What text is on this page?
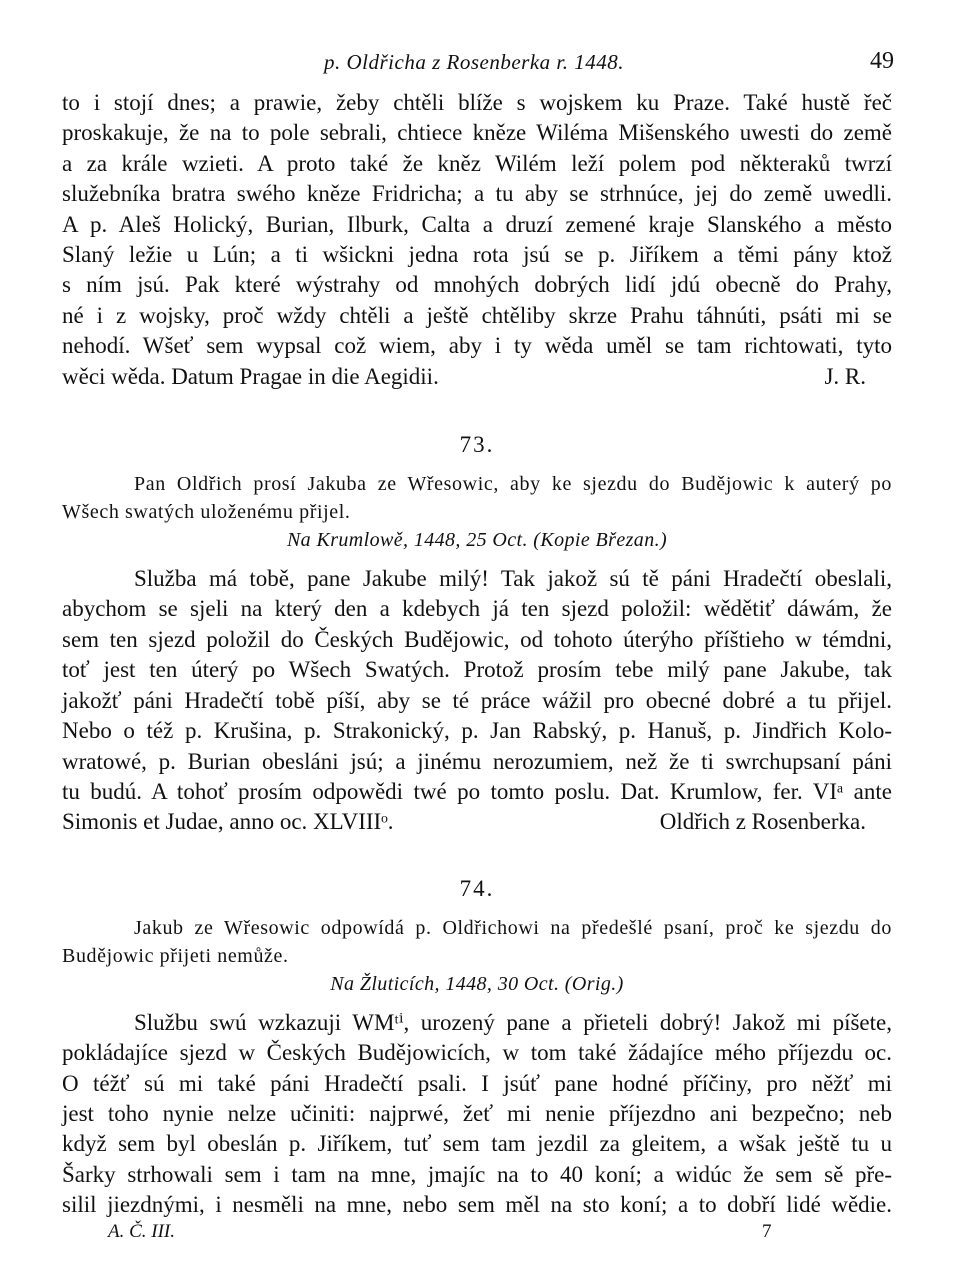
p. Oldřicha z Rosenberka r. 1448.	49
to i stojí dnes; a prawie, žeby chtěli blíže s wojskem ku Praze. Také hustě řeč
proskakuje, že na to pole sebrali, chtiece kněze Wiléma Mišenského uwesti do země
a za krále wzieti. A proto také že kněz Wilém leží polem pod některaků twrzí
služebníka bratra swého kněze Fridricha; a tu aby se strhnúce, jej do země uwedli.
A p. Aleš Holický, Burian, Ilburk, Calta a druzí zemené kraje Slanského a město
Slaný ležie u Lún; a ti wšickni jedna rota jsú se p. Jiříkem a těmi pány ktož
s ním jsú. Pak které wýstrahy od mnohých dobrých lidí jdú obecně do Prahy,
né i z wojsky, proč wždy chtěli a ještě chtěliby skrze Prahu táhnúti, psáti mi se
nehodí. Wšeť sem wypsal což wiem, aby i ty wěda uměl se tam richtowati, tyto
wěci wěda. Datum Pragae in die Aegidii.	J. R.
73.
Pan Oldřich prosí Jakuba ze Wřesowic, aby ke sjezdu do Budějowic k auterý po
Wšech swatých uloženému přijel.
Na Krumlowě, 1448, 25 Oct. (Kopie Březan.)
Služba má tobě, pane Jakube milý! Tak jakož sú tě páni Hradečtí obeslali,
abychom se sjeli na který den a kdebych já ten sjezd položil: wědětiť dáwám, že
sem ten sjezd položil do Českých Budějowic, od tohoto úterýho příštieho w témdni,
toť jest ten úterý po Wšech Swatých. Protož prosím tebe milý pane Jakube, tak
jakožť páni Hradečtí tobě píší, aby se té práce wážil pro obecné dobré a tu přijel.
Nebo o též p. Krušina, p. Strakonický, p. Jan Rabský, p. Hanuš, p. Jindřich Kolo-
wratowé, p. Burian obesláni jsú; a jinému nerozumiem, než že ti swrchupsaní páni
tu budú. A tohoť prosím odpowědi twé po tomto poslu. Dat. Krumlow, fer. VIᵃ ante
Simonis et Judae, anno oc. XLVIIIᵒ.	Oldřich z Rosenberka.
74.
Jakub ze Wřesowic odpowídá p. Oldřichowi na předešlé psaní, proč ke sjezdu do
Budějowic přijeti nemůže.
Na Žluticích, 1448, 30 Oct. (Orig.)
Službu swú wzkazuji WMᵗⁱ, urozený pane a přieteli dobrý! Jakož mi píšete,
pokládajíce sjezd w Českých Budějowicích, w tom také žádajíce mého příjezdu oc.
O téžť sú mi také páni Hradečtí psali. I jsúť pane hodné příčiny, pro něžť mi
jest toho nynie nelze učiniti: najprwé, žeť mi nenie příjezdno ani bezpečno; neb
když sem byl obeslán p. Jiříkem, tuť sem tam jezdil za gleitem, a wšak ještě tu u
Šarky strhowali sem i tam na mne, jmajíc na to 40 koní; a widúc že sem sě pře-
silil jiezdnými, i nesměli na mne, nebo sem měl na sto koní; a to dobří lidé wědie.
A. Č. III.	7
